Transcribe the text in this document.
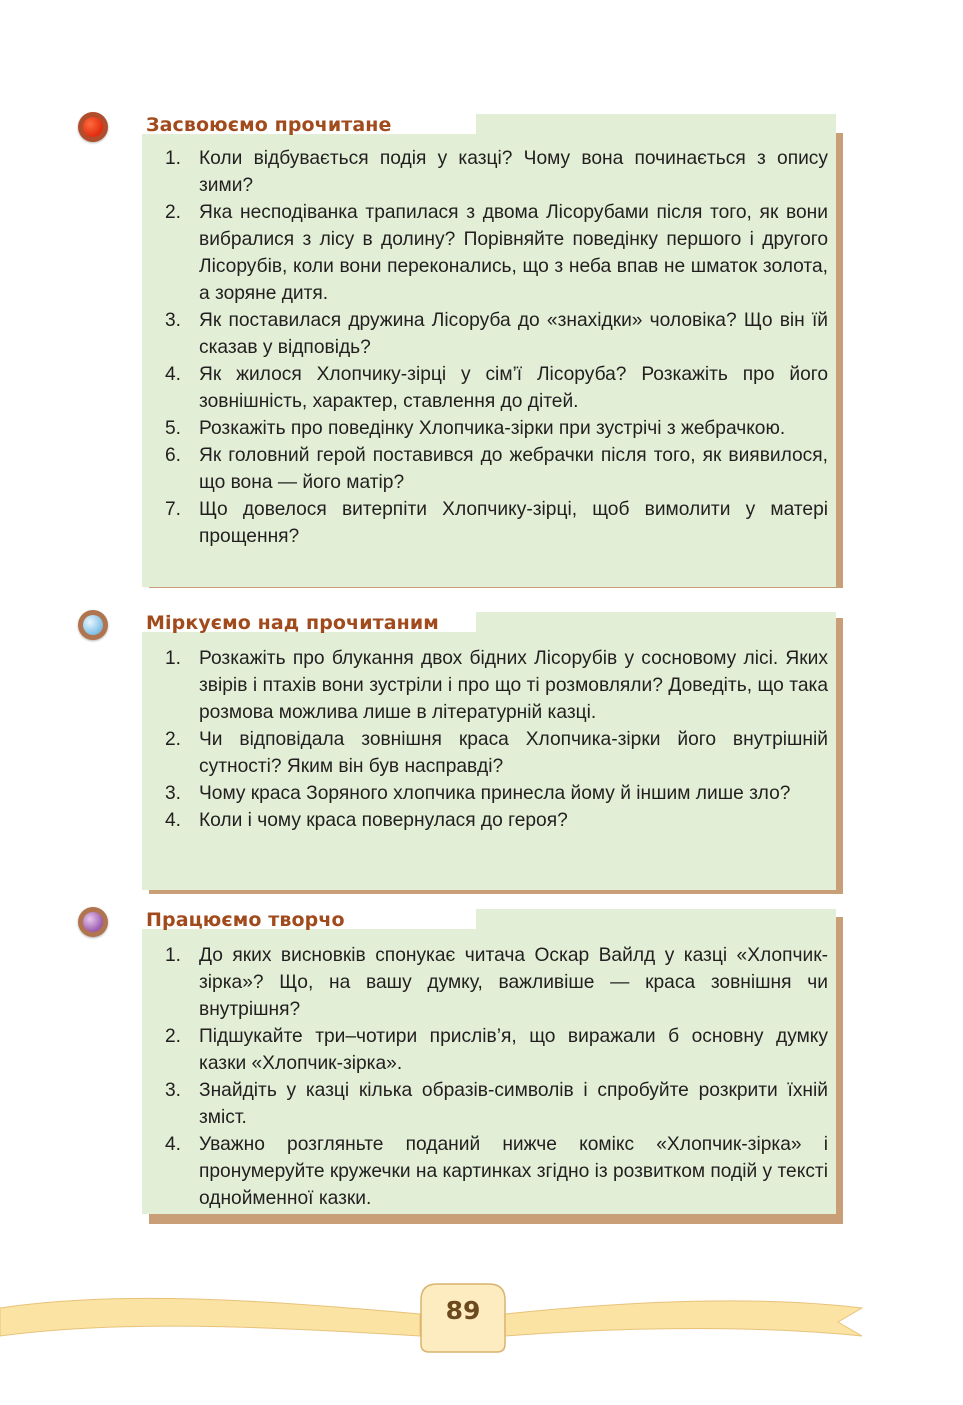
Засвоюємо прочитане
1. Коли відбувається подія у казці? Чому вона починається з опису зими?
2. Яка несподіванка трапилася з двома Лісорубами після того, як вони вибралися з лісу в долину? Порівняйте поведінку першого і другого Лісорубів, коли вони переконались, що з неба впав не шматок золота, а зоряне дитя.
3. Як поставилася дружина Лісоруба до «знахідки» чоловіка? Що він їй сказав у відповідь?
4. Як жилося Хлопчику-зірці у сім’ї Лісоруба? Розкажіть про його зовнішність, характер, ставлення до дітей.
5. Розкажіть про поведінку Хлопчика-зірки при зустрічі з жебрачкою.
6. Як головний герой поставився до жебрачки після того, як виявилося, що вона — його матір?
7. Що довелося витерпіти Хлопчику-зірці, щоб вимолити у матері прощення?
Міркуємо над прочитаним
1. Розкажіть про блукання двох бідних Лісорубів у сосновому лісі. Яких звірів і птахів вони зустріли і про що ті розмовляли? Доведіть, що така розмова можлива лише в літературній казці.
2. Чи відповідала зовнішня краса Хлопчика-зірки його внутрішній сутності? Яким він був насправді?
3. Чому краса Зоряного хлопчика принесла йому й іншим лише зло?
4. Коли і чому краса повернулася до героя?
Працюємо творчо
1. До яких висновків спонукає читача Оскар Вайлд у казці «Хлопчик-зірка»? Що, на вашу думку, важливіше — краса зовнішня чи внутрішня?
2. Підшукайте три–чотири прислів’я, що виражали б основну думку казки «Хлопчик-зірка».
3. Знайдіть у казці кілька образів-символів і спробуйте розкрити їхній зміст.
4. Уважно розгляньте поданий нижче комікс «Хлопчик-зірка» і пронумеруйте кружечки на картинках згідно із розвитком подій у тексті однойменної казки.
89
